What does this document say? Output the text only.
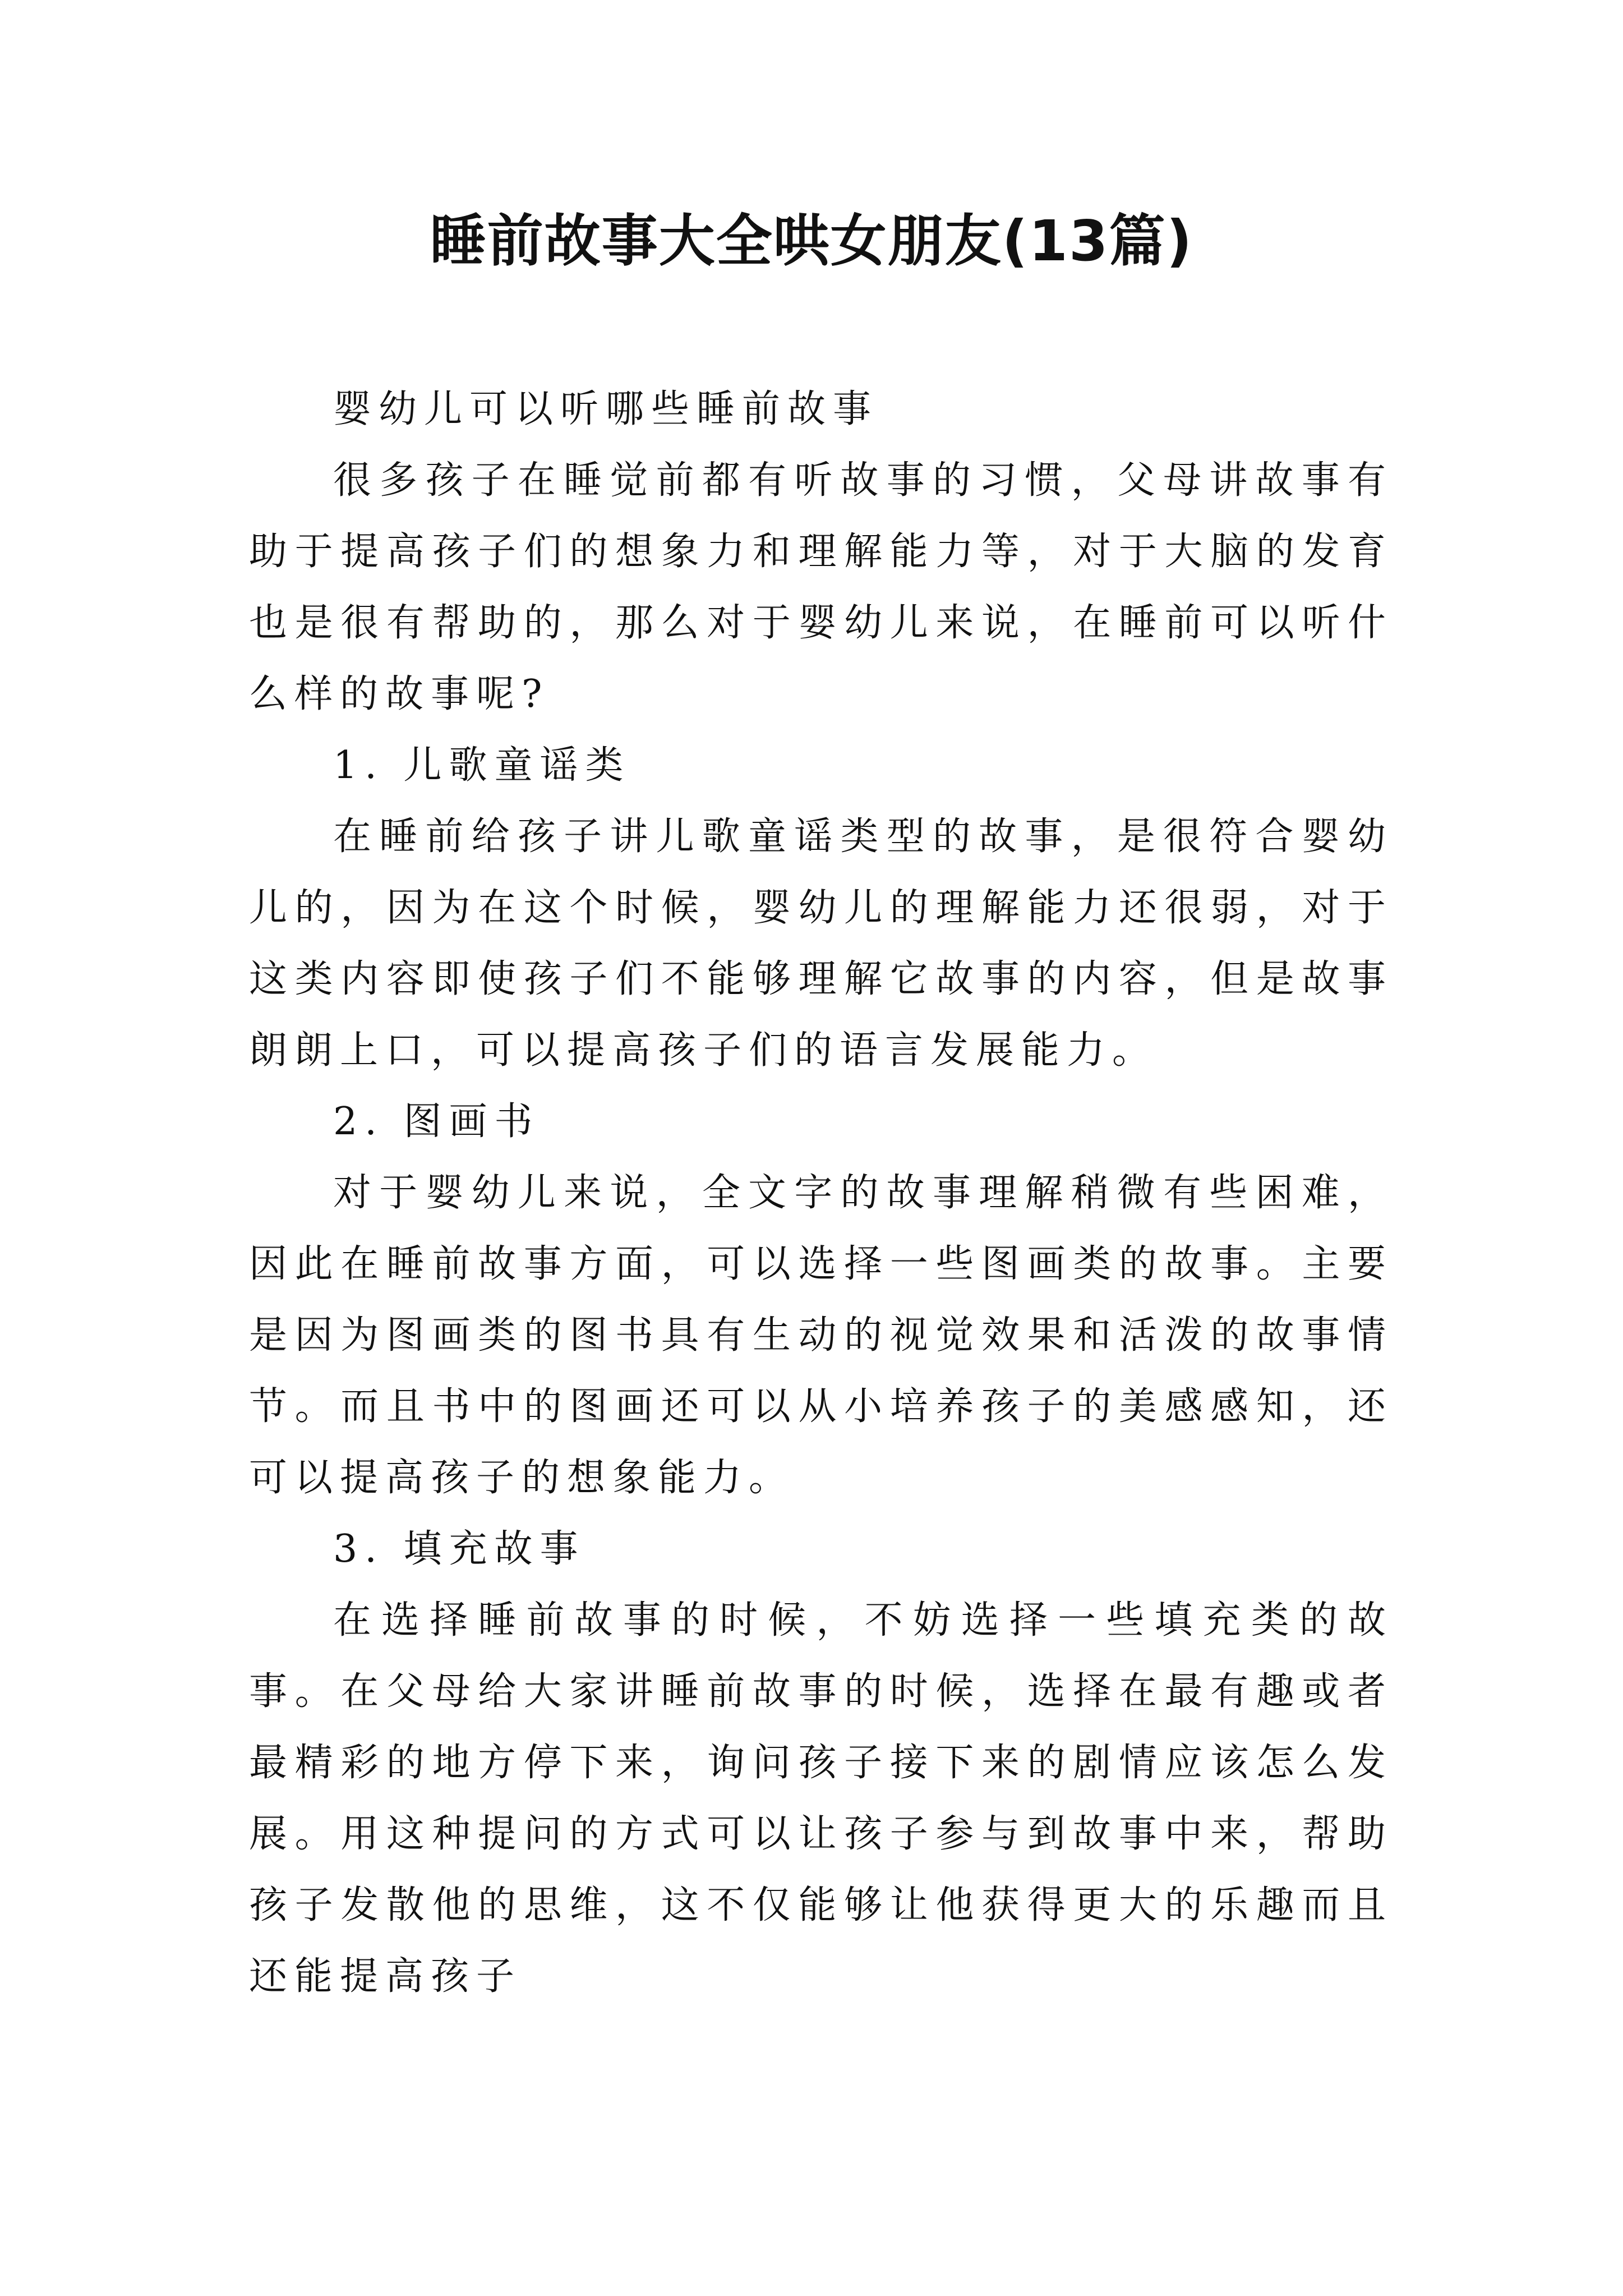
睡前故事大全哄女朋友(13篇)

婴幼儿可以听哪些睡前故事

很多孩子在睡觉前都有听故事的习惯，父母讲故事有助于提高孩子们的想象力和理解能力等，对于大脑的发育也是很有帮助的，那么对于婴幼儿来说，在睡前可以听什么样的故事呢?

1. 儿歌童谣类

在睡前给孩子讲儿歌童谣类型的故事，是很符合婴幼儿的，因为在这个时候，婴幼儿的理解能力还很弱，对于这类内容即使孩子们不能够理解它故事的内容，但是故事朗朗上口，可以提高孩子们的语言发展能力。

2. 图画书

对于婴幼儿来说，全文字的故事理解稍微有些困难，因此在睡前故事方面，可以选择一些图画类的故事。主要是因为图画类的图书具有生动的视觉效果和活泼的故事情节。而且书中的图画还可以从小培养孩子的美感感知，还可以提高孩子的想象能力。

3. 填充故事

在选择睡前故事的时候，不妨选择一些填充类的故事。在父母给大家讲睡前故事的时候，选择在最有趣或者最精彩的地方停下来，询问孩子接下来的剧情应该怎么发展。用这种提问的方式可以让孩子参与到故事中来，帮助孩子发散他的思维，这不仅能够让他获得更大的乐趣而且还能提高孩子
